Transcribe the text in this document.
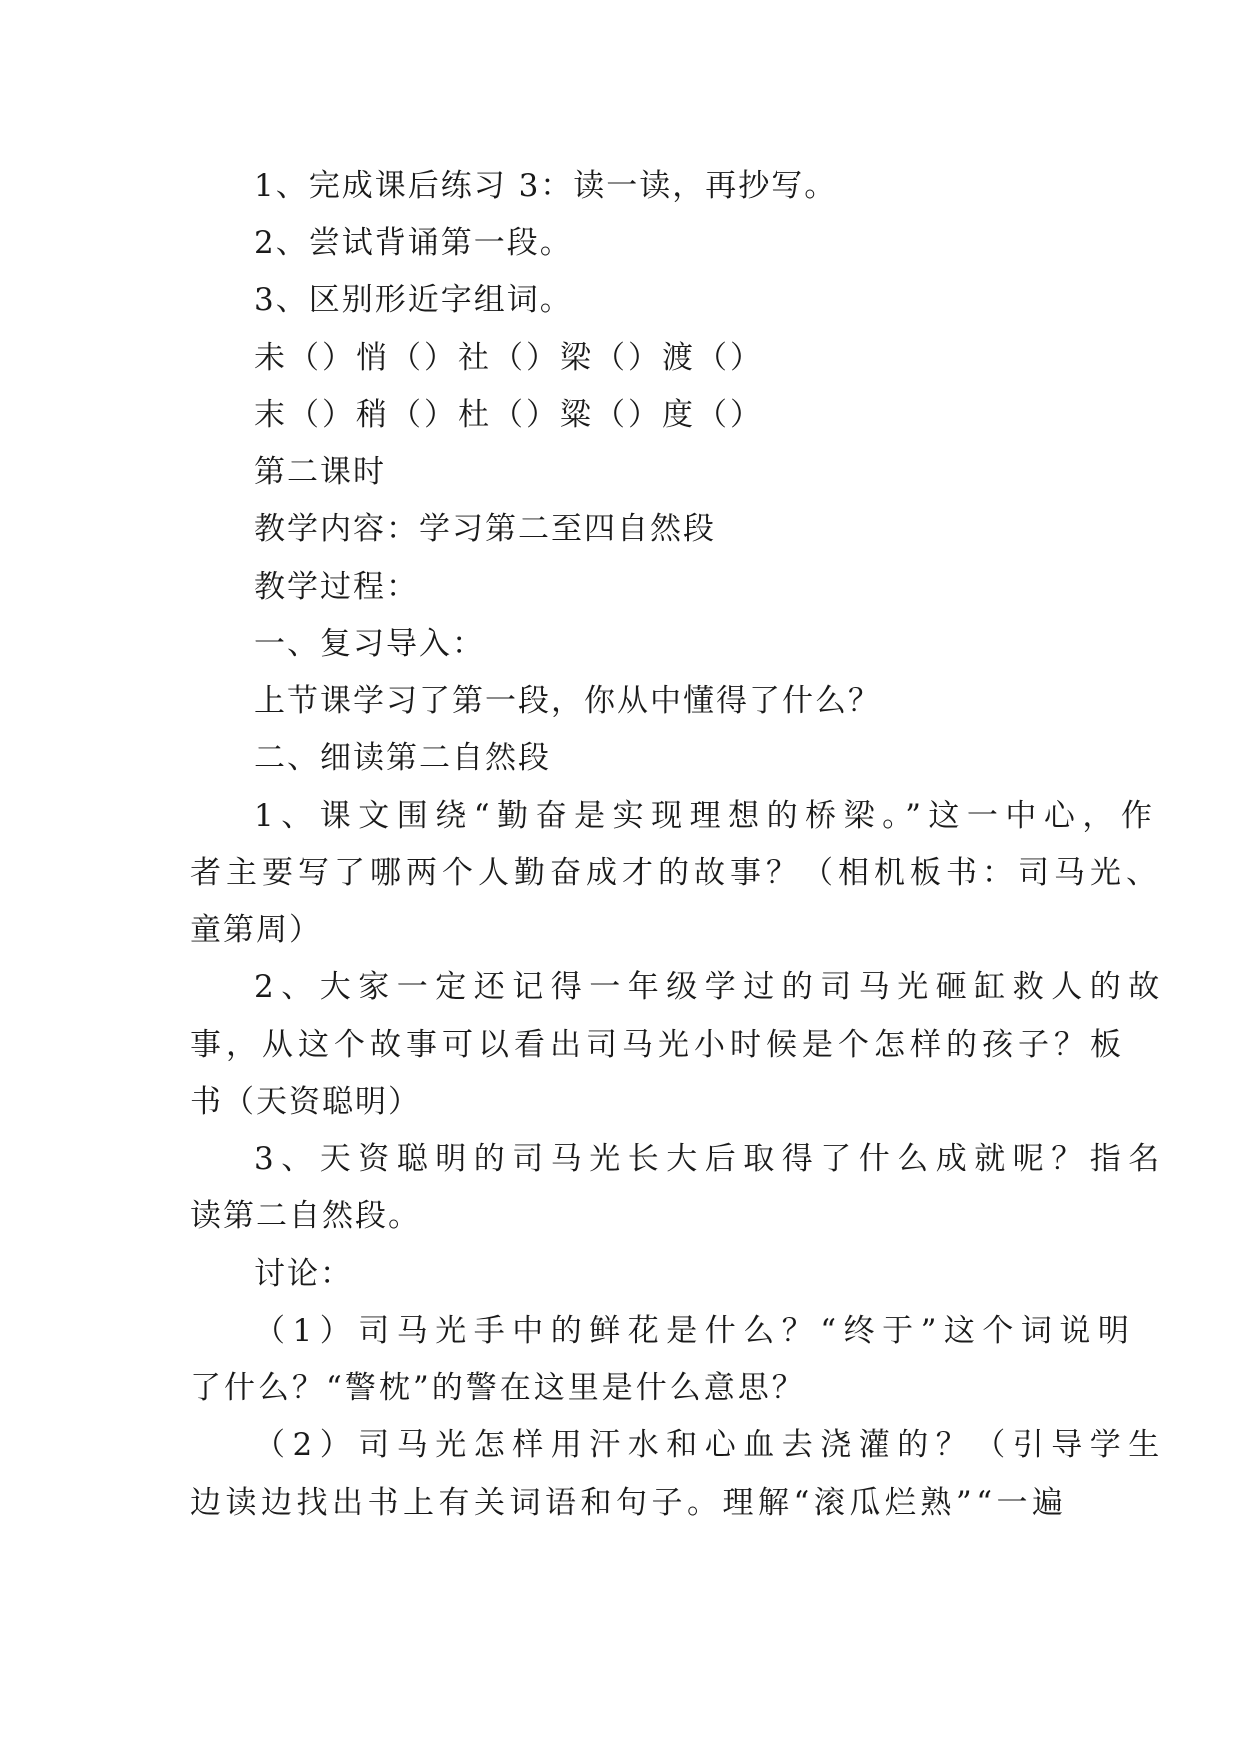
1、完成课后练习 3：读一读，再抄写。

2、尝试背诵第一段。

3、区别形近字组词。

未（）悄（）社（）梁（）渡（）

末（）稍（）杜（）粱（）度（）

第二课时

教学内容：学习第二至四自然段

教学过程：

一、复习导入：

上节课学习了第一段，你从中懂得了什么？

二、细读第二自然段

1、课文围绕“勤奋是实现理想的桥梁。”这一中心，作

者主要写了哪两个人勤奋成才的故事？（相机板书：司马光、

童第周）

2、大家一定还记得一年级学过的司马光砸缸救人的故

事，从这个故事可以看出司马光小时候是个怎样的孩子？板

书（天资聪明）

3、天资聪明的司马光长大后取得了什么成就呢？指名

读第二自然段。

讨论：

（1）司马光手中的鲜花是什么？“终于”这个词说明

了什么？“警枕”的警在这里是什么意思？

（2）司马光怎样用汗水和心血去浇灌的？（引导学生

边读边找出书上有关词语和句子。理解“滚瓜烂熟”“一遍
